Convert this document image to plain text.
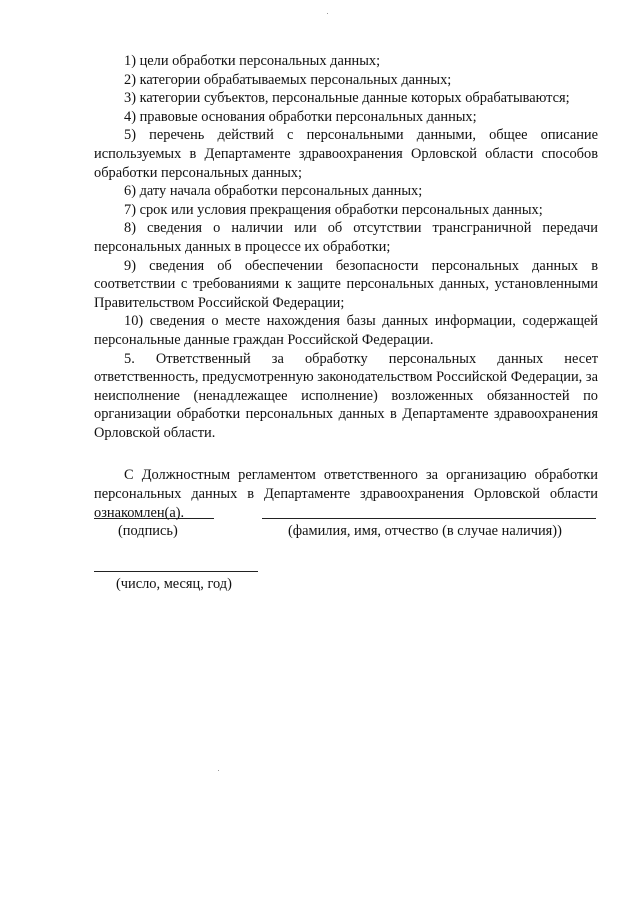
1) цели обработки персональных данных;

2) категории обрабатываемых персональных данных;

3) категории субъектов, персональные данные которых обрабатываются;

4) правовые основания обработки персональных данных;

5) перечень действий с персональными данными, общее описание используемых в Департаменте здравоохранения Орловской области способов обработки персональных данных;

6) дату начала обработки персональных данных;

7) срок или условия прекращения обработки персональных данных;

8) сведения о наличии или об отсутствии трансграничной передачи персональных данных в процессе их обработки;

9) сведения об обеспечении безопасности персональных данных в соответствии с требованиями к защите персональных данных, установленными Правительством Российской Федерации;

10) сведения о месте нахождения базы данных информации, содержащей персональные данные граждан Российской Федерации.

5. Ответственный за обработку персональных данных несет ответственность, предусмотренную законодательством Российской Федерации, за неисполнение (ненадлежащее исполнение) возложенных обязанностей по организации обработки персональных данных в Департаменте здравоохранения Орловской области.

С Должностным регламентом ответственного за организацию обработки персональных данных в Департаменте здравоохранения Орловской области ознакомлен(а).

(подпись)	(фамилия, имя, отчество (в случае наличия))
(число, месяц, год)
